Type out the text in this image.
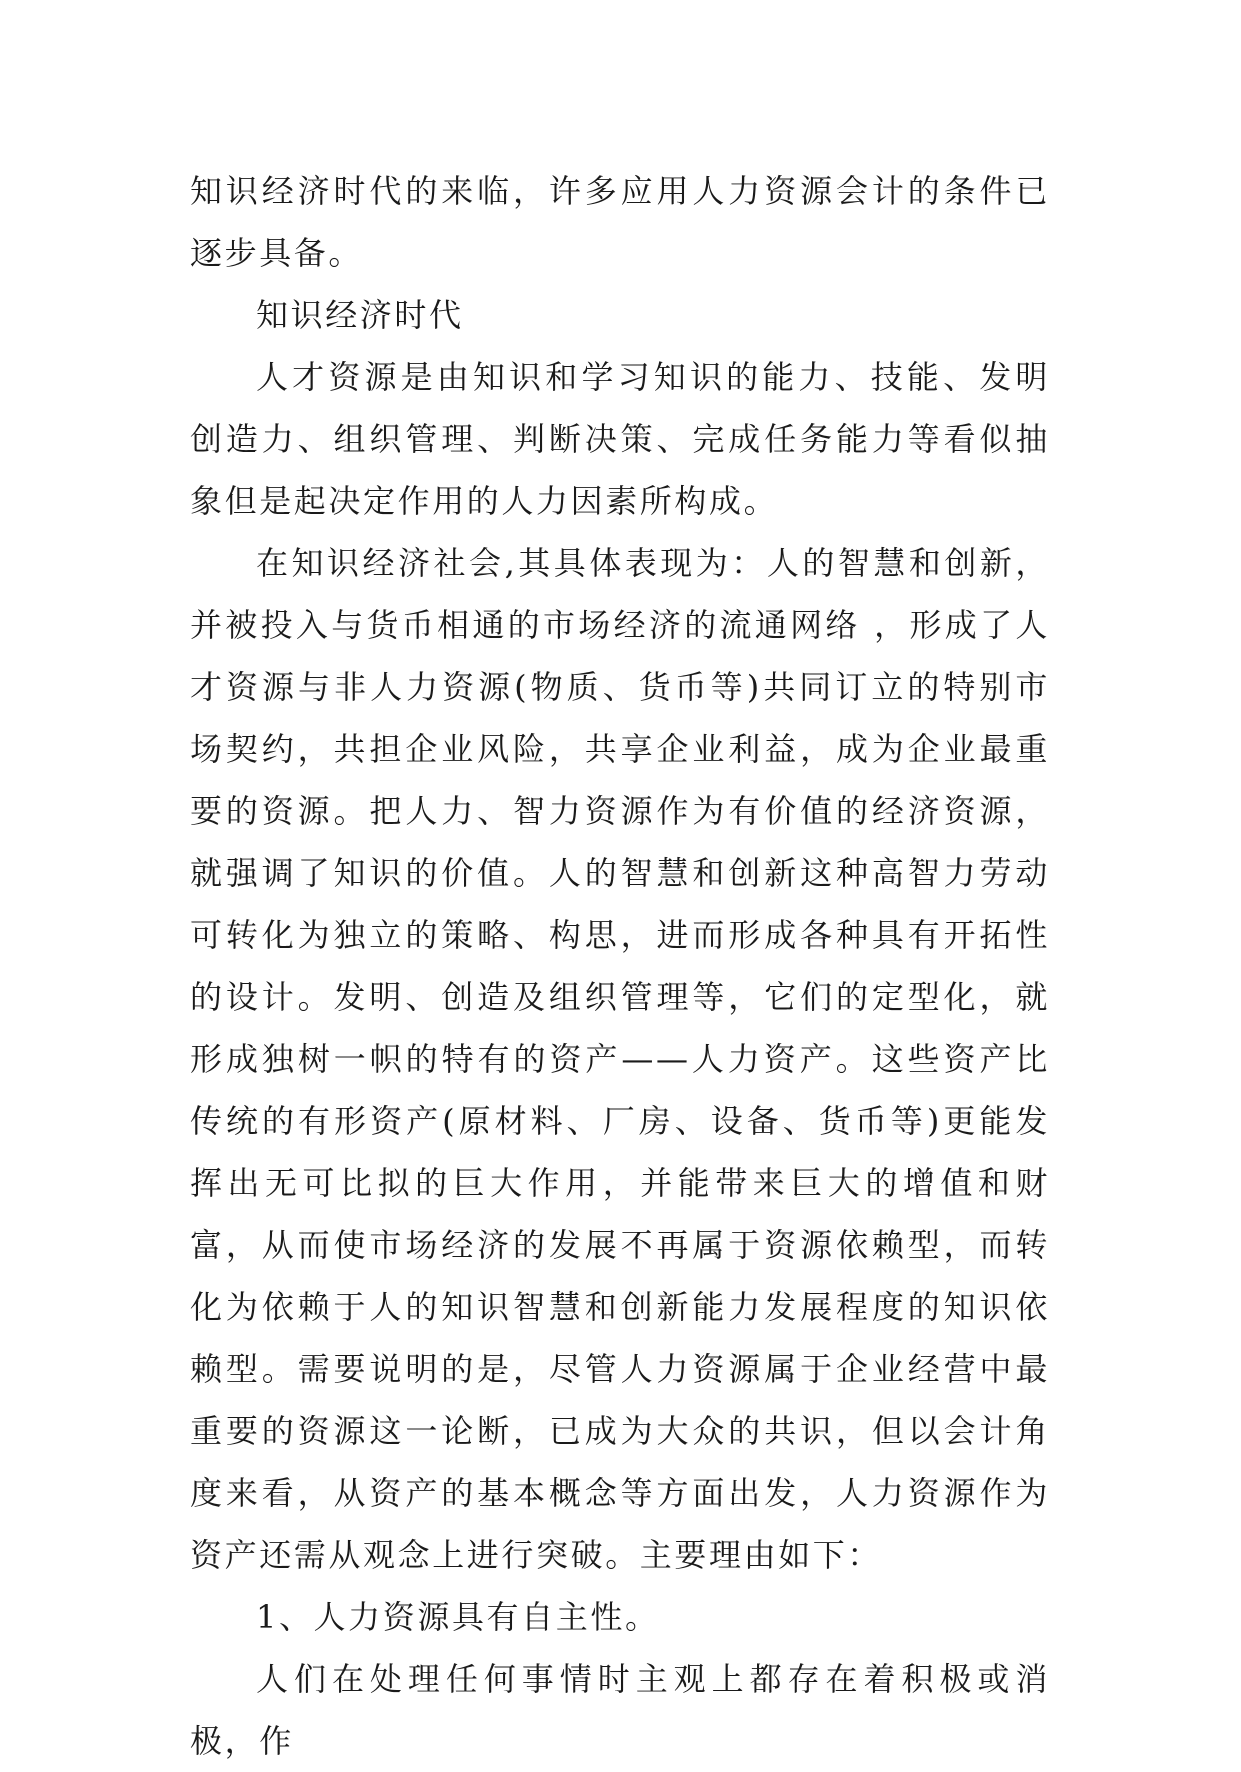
知识经济时代的来临，许多应用人力资源会计的条件已逐步具备。

知识经济时代

人才资源是由知识和学习知识的能力、技能、发明创造力、组织管理、判断决策、完成任务能力等看似抽象但是起决定作用的人力因素所构成。

在知识经济社会,其具体表现为：人的智慧和创新，并被投入与货币相通的市场经济的流通网络 ，形成了人才资源与非人力资源(物质、货币等)共同订立的特别市场契约，共担企业风险，共享企业利益，成为企业最重要的资源。把人力、智力资源作为有价值的经济资源，就强调了知识的价值。人的智慧和创新这种高智力劳动可转化为独立的策略、构思，进而形成各种具有开拓性的设计。发明、创造及组织管理等，它们的定型化，就形成独树一帜的特有的资产——人力资产。这些资产比传统的有形资产(原材料、厂房、设备、货币等)更能发挥出无可比拟的巨大作用，并能带来巨大的增值和财富，从而使市场经济的发展不再属于资源依赖型，而转化为依赖于人的知识智慧和创新能力发展程度的知识依赖型。需要说明的是，尽管人力资源属于企业经营中最重要的资源这一论断，已成为大众的共识，但以会计角度来看，从资产的基本概念等方面出发，人力资源作为资产还需从观念上进行突破。主要理由如下：

1、人力资源具有自主性。

人们在处理任何事情时主观上都存在着积极或消极，作
